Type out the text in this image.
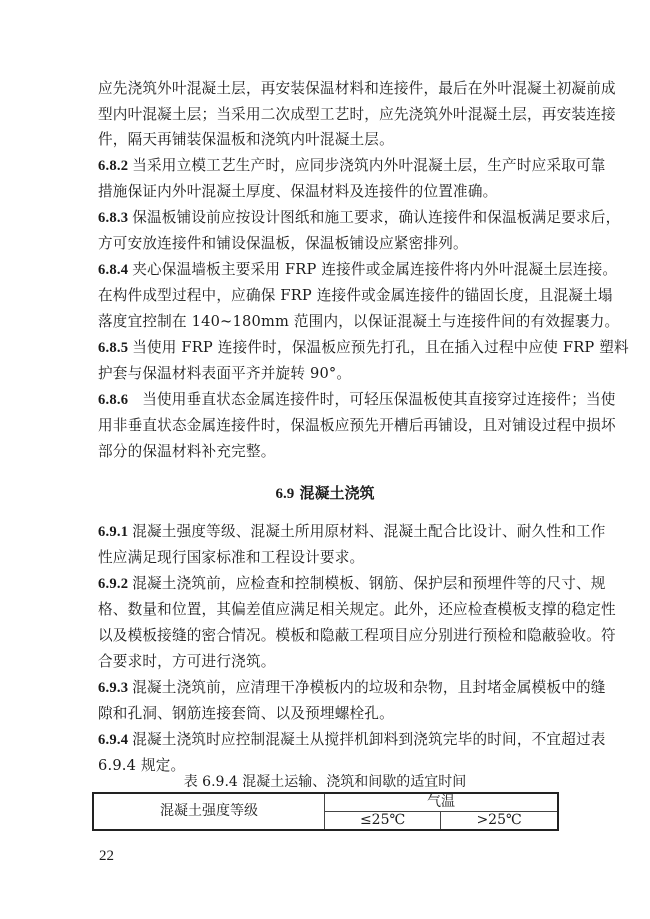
应先浇筑外叶混凝土层，再安装保温材料和连接件，最后在外叶混凝土初凝前成
型内叶混凝土层；当采用二次成型工艺时，应先浇筑外叶混凝土层，再安装连接
件，隔天再铺装保温板和浇筑内叶混凝土层。
6.8.2 当采用立模工艺生产时，应同步浇筑内外叶混凝土层，生产时应采取可靠
措施保证内外叶混凝土厚度、保温材料及连接件的位置准确。
6.8.3 保温板铺设前应按设计图纸和施工要求，确认连接件和保温板满足要求后，
方可安放连接件和铺设保温板，保温板铺设应紧密排列。
6.8.4 夹心保温墙板主要采用 FRP 连接件或金属连接件将内外叶混凝土层连接。
在构件成型过程中，应确保 FRP 连接件或金属连接件的锚固长度，且混凝土塌
落度宜控制在 140~180mm 范围内，以保证混凝土与连接件间的有效握裹力。
6.8.5 当使用 FRP 连接件时，保温板应预先打孔，且在插入过程中应使 FRP 塑料
护套与保温材料表面平齐并旋转 90°。
6.8.6 当使用垂直状态金属连接件时，可轻压保温板使其直接穿过连接件；当使
用非垂直状态金属连接件时，保温板应预先开槽后再铺设，且对铺设过程中损坏
部分的保温材料补充完整。
6.9 混凝土浇筑
6.9.1 混凝土强度等级、混凝土所用原材料、混凝土配合比设计、耐久性和工作
性应满足现行国家标准和工程设计要求。
6.9.2 混凝土浇筑前，应检查和控制模板、钢筋、保护层和预埋件等的尺寸、规
格、数量和位置，其偏差值应满足相关规定。此外，还应检查模板支撑的稳定性
以及模板接缝的密合情况。模板和隐蔽工程项目应分别进行预检和隐蔽验收。符
合要求时，方可进行浇筑。
6.9.3 混凝土浇筑前，应清理干净模板内的垃圾和杂物，且封堵金属模板中的缝
隙和孔洞、钢筋连接套筒、以及预埋螺栓孔。
6.9.4 混凝土浇筑时应控制混凝土从搅拌机卸料到浇筑完毕的时间，不宜超过表
6.9.4 规定。
表 6.9.4 混凝土运输、浇筑和间歇的适宜时间
混凝土强度等级	气温	
	≤25℃	>25℃
22
